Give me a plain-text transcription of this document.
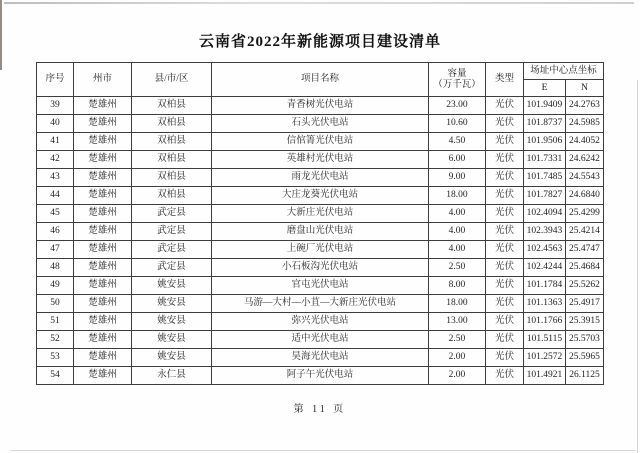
云南省2022年新能源项目建设清单
序号	州市	县/市/区	项目名称	容量
（万千瓦）	类型	场址中心点坐标	
						E	N
39	楚雄州	双柏县	青香树光伏电站	23.00	光伏	101.9409	24.2763
40	楚雄州	双柏县	石头光伏电站	10.60	光伏	101.8737	24.5985
41	楚雄州	双柏县	信倌箐光伏电站	4.50	光伏	101.9506	24.4052
42	楚雄州	双柏县	英雄村光伏电站	6.00	光伏	101.7331	24.6242
43	楚雄州	双柏县	雨龙光伏电站	9.00	光伏	101.7485	24.5543
44	楚雄州	双柏县	大庄龙葵光伏电站	18.00	光伏	101.7827	24.6840
45	楚雄州	武定县	大新庄光伏电站	4.00	光伏	102.4094	25.4299
46	楚雄州	武定县	磨盘山光伏电站	4.00	光伏	102.3943	25.4214
47	楚雄州	武定县	上碗厂光伏电站	4.00	光伏	102.4563	25.4747
48	楚雄州	武定县	小石板沟光伏电站	2.50	光伏	102.4244	25.4684
49	楚雄州	姚安县	官屯光伏电站	8.00	光伏	101.1784	25.5262
50	楚雄州	姚安县	马游—大村—小苴—大新庄光伏电站	18.00	光伏	101.1363	25.4917
51	楚雄州	姚安县	弥兴光伏电站	13.00	光伏	101.1766	25.3915
52	楚雄州	姚安县	适中光伏电站	2.50	光伏	101.5115	25.5703
53	楚雄州	姚安县	昊海光伏电站	2.00	光伏	101.2572	25.5965
54	楚雄州	永仁县	阿子午光伏电站	2.00	光伏	101.4921	26.1125
第 11 页
